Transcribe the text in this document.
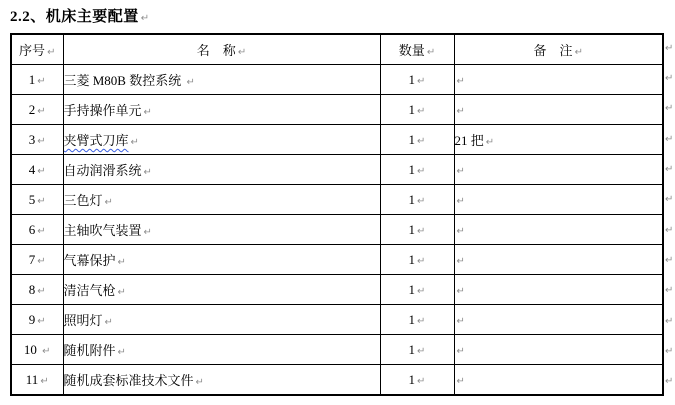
2.2、机床主要配置 ↵
序号 ↵	名　称 ↵	数量 ↵	备　注 ↵
1 ↵	三菱 M80B 数控系统 ↵	1 ↵	↵
2 ↵	手持操作单元 ↵	1 ↵	↵
3 ↵	夹臂式刀库 ↵	1 ↵	21 把 ↵
4 ↵	自动润滑系统 ↵	1 ↵	↵
5 ↵	三色灯 ↵	1 ↵	↵
6 ↵	主轴吹气装置 ↵	1 ↵	↵
7 ↵	气幕保护 ↵	1 ↵	↵
8 ↵	清洁气枪 ↵	1 ↵	↵
9 ↵	照明灯 ↵	1 ↵	↵
10 ↵	随机附件 ↵	1 ↵	↵
11 ↵	随机成套标准技术文件 ↵	1 ↵	↵
↵
↵
↵
↵
↵
↵
↵
↵
↵
↵
↵
↵
